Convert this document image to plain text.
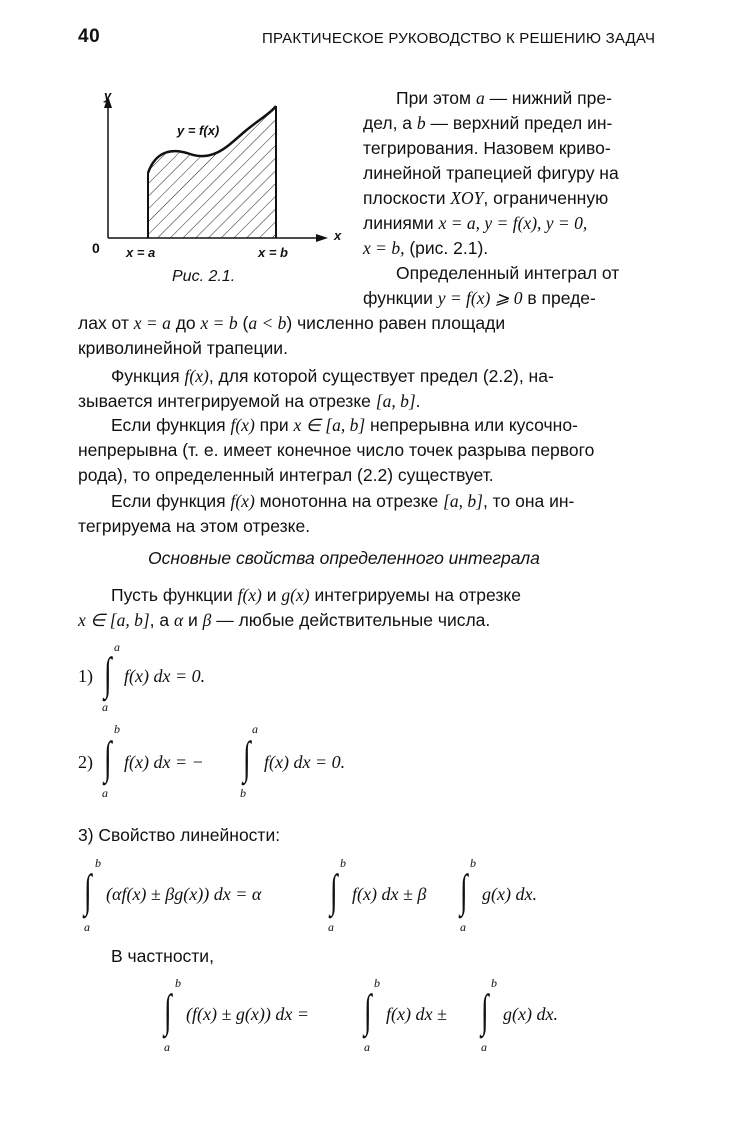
40	ПРАКТИЧЕСКОЕ РУКОВОДСТВО К РЕШЕНИЮ ЗАДАЧ
y
x
0
y = f(x)
x = a	x = b
Рис. 2.1.
При этом a — нижний пре-
дел, а b — верхний предел ин-
тегрирования. Назовем криво-
линейной трапецией фигуру на
плоскости XOY, ограниченную
линиями x = a, y = f(x), y = 0,
x = b, (рис. 2.1).
Определенный интеграл от
функции y = f(x) ⩾ 0 в преде-
лах от x = a до x = b (a < b) численно равен площади
криволинейной трапеции.
Функция f(x), для которой существует предел (2.2), на-
зывается интегрируемой на отрезке [a, b].
Если функция f(x) при x ∈ [a, b] непрерывна или кусочно-
непрерывна (т. е. имеет конечное число точек разрыва первого
рода), то определенный интеграл (2.2) существует.
Если функция f(x) монотонна на отрезке [a, b], то она ин-
тегрируема на этом отрезке.
Основные свойства определенного интеграла
Пусть функции f(x) и g(x) интегрируемы на отрезке
x ∈ [a, b], а α и β — любые действительные числа.
1)
a
∫
a
f(x) dx = 0.
2)
b
∫
a
f(x) dx = −
a
∫
b
f(x) dx = 0.
3) Свойство линейности:
b
∫
a
(αf(x) ± βg(x)) dx = α
b
∫
a
f(x) dx ± β
b
∫
a
g(x) dx.
В частности,
b
∫
a
(f(x) ± g(x)) dx =
b
∫
a
f(x) dx ±
b
∫
a
g(x) dx.
